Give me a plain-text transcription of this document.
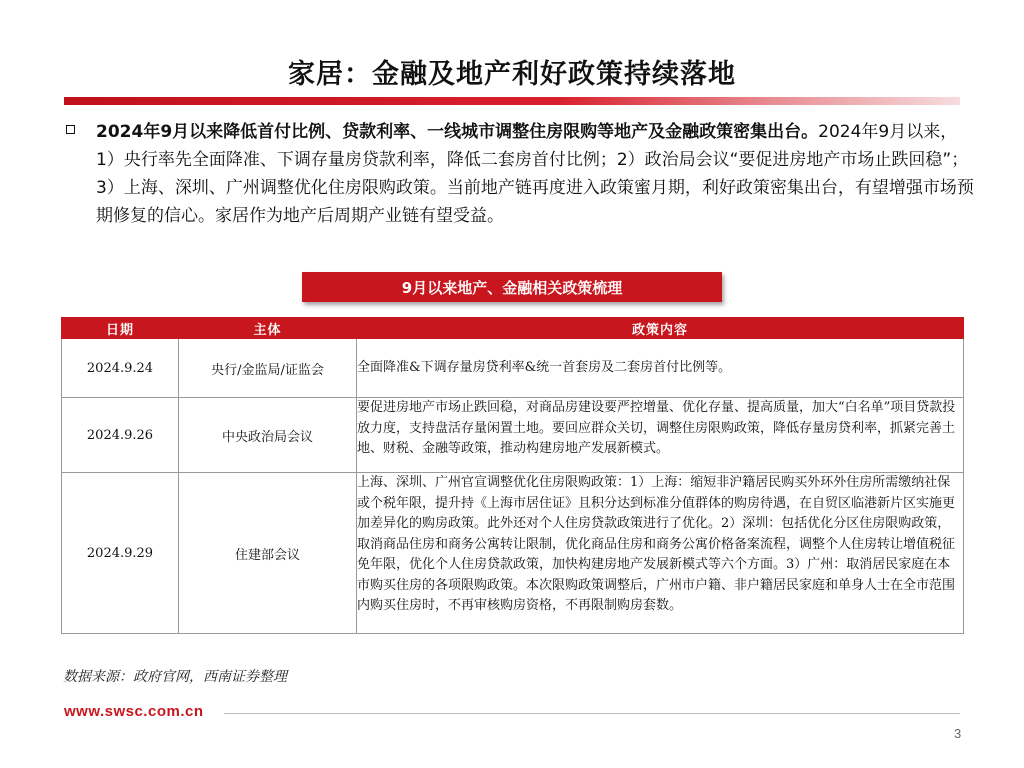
家居：金融及地产利好政策持续落地
2024年9月以来降低首付比例、贷款利率、一线城市调整住房限购等地产及金融政策密集出台。2024年9月以来，1）央行率先全面降准、下调存量房贷款利率，降低二套房首付比例；2）政治局会议“要促进房地产市场止跌回稳”；3）上海、深圳、广州调整优化住房限购政策。当前地产链再度进入政策蜜月期，利好政策密集出台，有望增强市场预期修复的信心。家居作为地产后周期产业链有望受益。
9月以来地产、金融相关政策梳理
日期	主体	政策内容
2024.9.24	央行/金监局/证监会	全面降准&下调存量房贷利率&统一首套房及二套房首付比例等。
2024.9.26	中央政治局会议	要促进房地产市场止跌回稳，对商品房建设要严控增量、优化存量、提高质量，加大“白名单”项目贷款投放力度，支持盘活存量闲置土地。要回应群众关切，调整住房限购政策，降低存量房贷利率，抓紧完善土地、财税、金融等政策，推动构建房地产发展新模式。
2024.9.29	住建部会议	上海、深圳、广州官宣调整优化住房限购政策：1）上海：缩短非沪籍居民购买外环外住房所需缴纳社保或个税年限，提升持《上海市居住证》且积分达到标准分值群体的购房待遇，在自贸区临港新片区实施更加差异化的购房政策。此外还对个人住房贷款政策进行了优化。2）深圳：包括优化分区住房限购政策，取消商品住房和商务公寓转让限制，优化商品住房和商务公寓价格备案流程，调整个人住房转让增值税征免年限，优化个人住房贷款政策，加快构建房地产发展新模式等六个方面。3）广州：取消居民家庭在本市购买住房的各项限购政策。本次限购政策调整后，广州市户籍、非户籍居民家庭和单身人士在全市范围内购买住房时，不再审核购房资格，不再限制购房套数。
数据来源：政府官网，西南证券整理
www.swsc.com.cn
3
